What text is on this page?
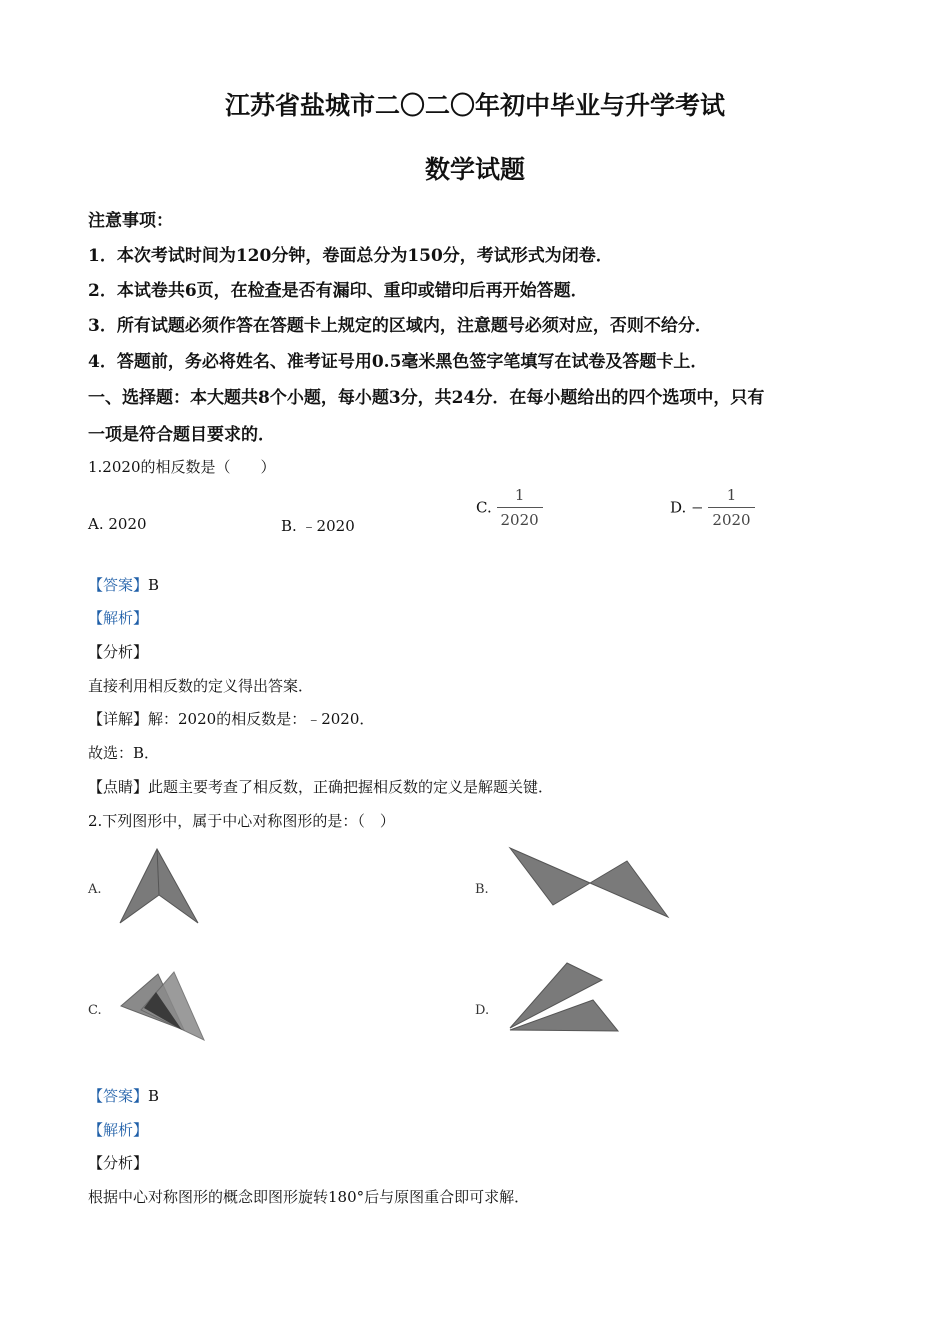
江苏省盐城市二〇二〇年初中毕业与升学考试
数学试题
注意事项：
1．本次考试时间为120分钟，卷面总分为150分，考试形式为闭卷．
2．本试卷共6页，在检查是否有漏印、重印或错印后再开始答题．
3．所有试题必须作答在答题卡上规定的区域内，注意题号必须对应，否则不给分．
4．答题前，务必将姓名、准考证号用0.5毫米黑色签字笔填写在试卷及答题卡上．
一、选择题：本大题共8个小题，每小题3分，共24分．在每小题给出的四个选项中，只有
一项是符合题目要求的．
1.2020的相反数是（　　）
A. 2020	B. ﹣2020
C. $\frac{1}{2020}$	D. − $\frac{1}{2020}$
【答案】B
【解析】
【分析】
直接利用相反数的定义得出答案．
【详解】解：2020的相反数是：﹣2020．
故选：B．
【点睛】此题主要考查了相反数，正确把握相反数的定义是解题关键．
2.下列图形中，属于中心对称图形的是：（　）
A.	B.
C.	D.
【答案】B
【解析】
【分析】
根据中心对称图形的概念即图形旋转180°后与原图重合即可求解．
